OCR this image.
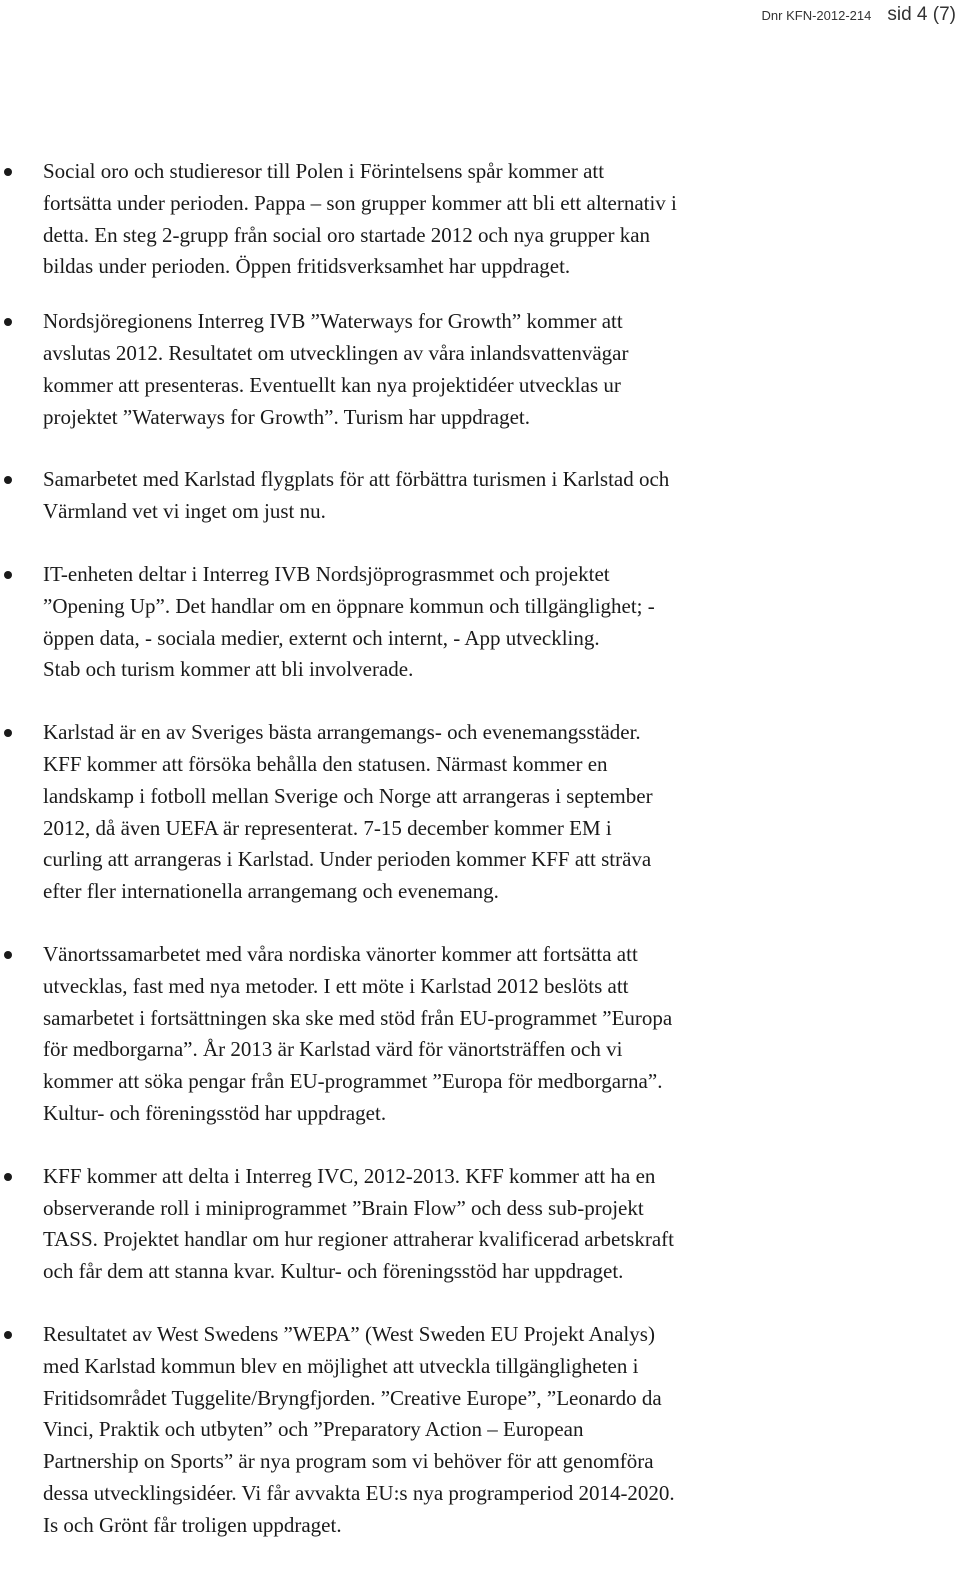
Dnr KFN-2012-214 sid 4 (7)
Social oro och studieresor till Polen i Förintelsens spår kommer att
fortsätta under perioden. Pappa – son grupper kommer att bli ett alternativ i
detta. En steg 2-grupp från social oro startade 2012 och nya grupper kan
bildas under perioden. Öppen fritidsverksamhet har uppdraget.
Nordsjöregionens Interreg IVB ”Waterways for Growth” kommer att
avslutas 2012. Resultatet om utvecklingen av våra inlandsvattenvägar
kommer att presenteras. Eventuellt kan nya projektidéer utvecklas ur
projektet ”Waterways for Growth”. Turism har uppdraget.
Samarbetet med Karlstad flygplats för att förbättra turismen i Karlstad och
Värmland vet vi inget om just nu.
IT-enheten deltar i Interreg IVB Nordsjöprograsmmet och projektet
”Opening Up”. Det handlar om en öppnare kommun och tillgänglighet; -
öppen data, - sociala medier, externt och internt, - App utveckling.
Stab och turism kommer att bli involverade.
Karlstad är en av Sveriges bästa arrangemangs- och evenemangsstäder.
KFF kommer att försöka behålla den statusen. Närmast kommer en
landskamp i fotboll mellan Sverige och Norge att arrangeras i september
2012, då även UEFA är representerat. 7-15 december kommer EM i
curling att arrangeras i Karlstad. Under perioden kommer KFF att sträva
efter fler internationella arrangemang och evenemang.
Vänortssamarbetet med våra nordiska vänorter kommer att fortsätta att
utvecklas, fast med nya metoder. I ett möte i Karlstad 2012 beslöts att
samarbetet i fortsättningen ska ske med stöd från EU-programmet ”Europa
för medborgarna”. År 2013 är Karlstad värd för vänortsträffen och vi
kommer att söka pengar från EU-programmet ”Europa för medborgarna”.
Kultur- och föreningsstöd har uppdraget.
KFF kommer att delta i Interreg IVC, 2012-2013. KFF kommer att ha en
observerande roll i miniprogrammet ”Brain Flow” och dess sub-projekt
TASS. Projektet handlar om hur regioner attraherar kvalificerad arbetskraft
och får dem att stanna kvar. Kultur- och föreningsstöd har uppdraget.
Resultatet av West Swedens ”WEPA” (West Sweden EU Projekt Analys)
med Karlstad kommun blev en möjlighet att utveckla tillgängligheten i
Fritidsområdet Tuggelite/Bryngfjorden. ”Creative Europe”, ”Leonardo da
Vinci, Praktik och utbyten” och ”Preparatory Action – European
Partnership on Sports” är nya program som vi behöver för att genomföra
dessa utvecklingsidéer. Vi får avvakta EU:s nya programperiod 2014-2020.
Is och Grönt får troligen uppdraget.
